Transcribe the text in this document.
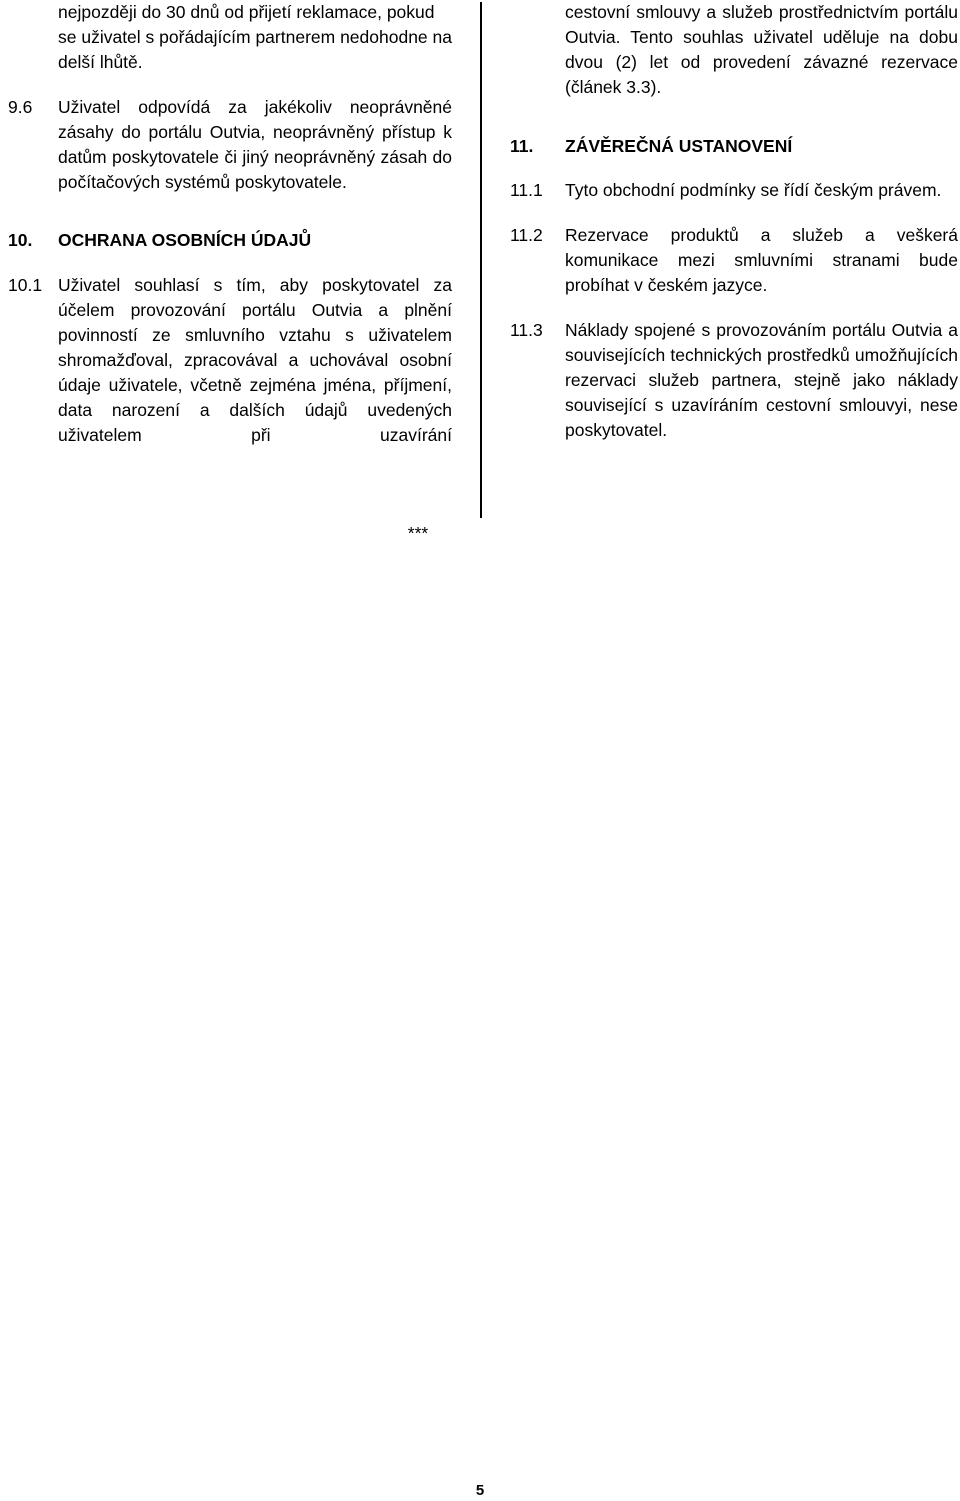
nejpozději do 30 dnů od přijetí reklamace, pokud se uživatel s pořádajícím partnerem nedohodne na delší lhůtě.
9.6	Uživatel odpovídá za jakékoliv neoprávněné zásahy do portálu Outvia, neoprávněný přístup k datům poskytovatele či jiný neoprávněný zásah do počítačových systémů poskytovatele.
10.	OCHRANA OSOBNÍCH ÚDAJŮ
10.1 Uživatel souhlasí s tím, aby poskytovatel za účelem provozování portálu Outvia a plnění povinností ze smluvního vztahu s uživatelem shromažďoval, zpracovával a uchovával osobní údaje uživatele, včetně zejména jména, příjmení, data narození a dalších údajů uvedených uživatelem při uzavírání
cestovní smlouvy a služeb prostřednictvím portálu Outvia. Tento souhlas uživatel uděluje na dobu dvou (2) let od provedení závazné rezervace (článek 3.3).
11.	ZÁVĚREČNÁ USTANOVENÍ
11.1	Tyto obchodní podmínky se řídí českým právem.
11.2	Rezervace produktů a služeb a veškerá komunikace mezi smluvními stranami bude probíhat v českém jazyce.
11.3	Náklady spojené s provozováním portálu Outvia a souvisejících technických prostředků umožňujících rezervaci služeb partnera, stejně jako náklady související s uzavíráním cestovní smlouvyi, nese poskytovatel.
***
5
